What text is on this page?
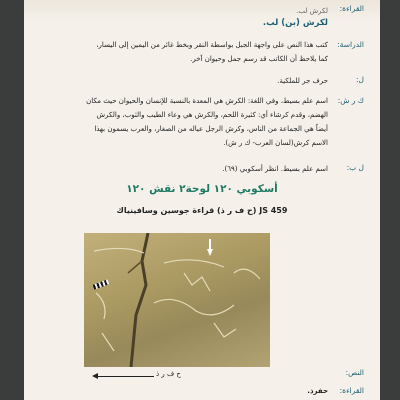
القراءة:
لكرش لب.
لكرش (بن) لب.
الدراسة:
كتب هذا النص على واجهة الجبل بواسطة النقر وبخط غائر من اليمين إلى اليسار،
كما يلاحظ أن الكاتب قد رسم جمل وحيوان آخر.
ل:
حرف جر للملكية.
ك ر ش:
اسم علم بسيط، وفي اللغة: الكرش هي المعدة بالنسبة للإنسان والحيوان حيث مكان
الهضم، وقدم كرشاء أي: كثيرة اللحم، والكرش هي وعاء الطيب والثوب، والكرش
أيضاً هي الجماعة من الناس، وكرش الرجل عياله من الصغار، والعرب يسمون بهذا
الاسم كرش(لسان العرب- ك ر ش).
ل ب:
اسم علم بسيط. انظر أسكوبي (٦٩).
أسكوبي ١٢٠ لوحة٢ نقش ١٢٠
JS 459 (ح ف ر ذ) قراءة جوسين وسافينياك
النص:
القراءة:
حفرذ.
ح ف ر ذ
